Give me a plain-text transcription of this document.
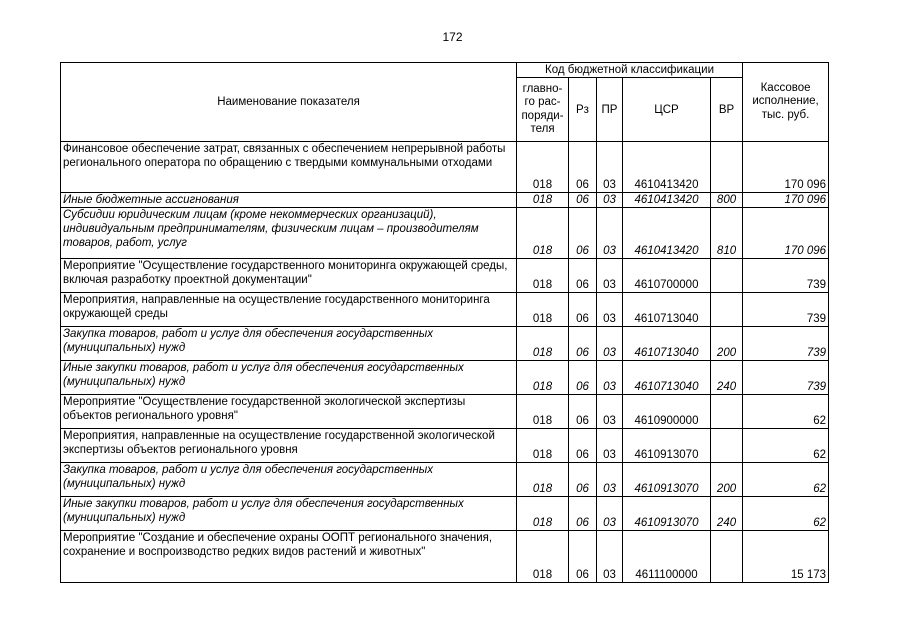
172
Наименование показателя	Код бюджетной классификации					Кассовое исполнение, тыс. руб.
	главно-го рас-поряди-теля	Рз	ПР	ЦСР	ВР	
Финансовое обеспечение затрат, связанных с обеспечением непрерывной работы регионального оператора по обращению с твердыми коммунальными отходами	018	06	03	4610413420		170 096
Иные бюджетные ассигнования	018	06	03	4610413420	800	170 096
Субсидии юридическим лицам (кроме некоммерческих организаций), индивидуальным предпринимателям, физическим лицам – производителям товаров, работ, услуг	018	06	03	4610413420	810	170 096
Мероприятие "Осуществление государственного мониторинга окружающей среды, включая разработку проектной документации"	018	06	03	4610700000		739
Мероприятия, направленные на осуществление государственного мониторинга окружающей среды	018	06	03	4610713040		739
Закупка товаров, работ и услуг для обеспечения государственных (муниципальных) нужд	018	06	03	4610713040	200	739
Иные закупки товаров, работ и услуг для обеспечения государственных (муниципальных) нужд	018	06	03	4610713040	240	739
Мероприятие "Осуществление государственной экологической экспертизы объектов регионального уровня"	018	06	03	4610900000		62
Мероприятия, направленные на осуществление государственной экологической экспертизы объектов регионального уровня	018	06	03	4610913070		62
Закупка товаров, работ и услуг для обеспечения государственных (муниципальных) нужд	018	06	03	4610913070	200	62
Иные закупки товаров, работ и услуг для обеспечения государственных (муниципальных) нужд	018	06	03	4610913070	240	62
Мероприятие "Создание и обеспечение охраны ООПТ регионального значения, сохранение и воспроизводство редких видов растений и животных"	018	06	03	4611100000		15 173
